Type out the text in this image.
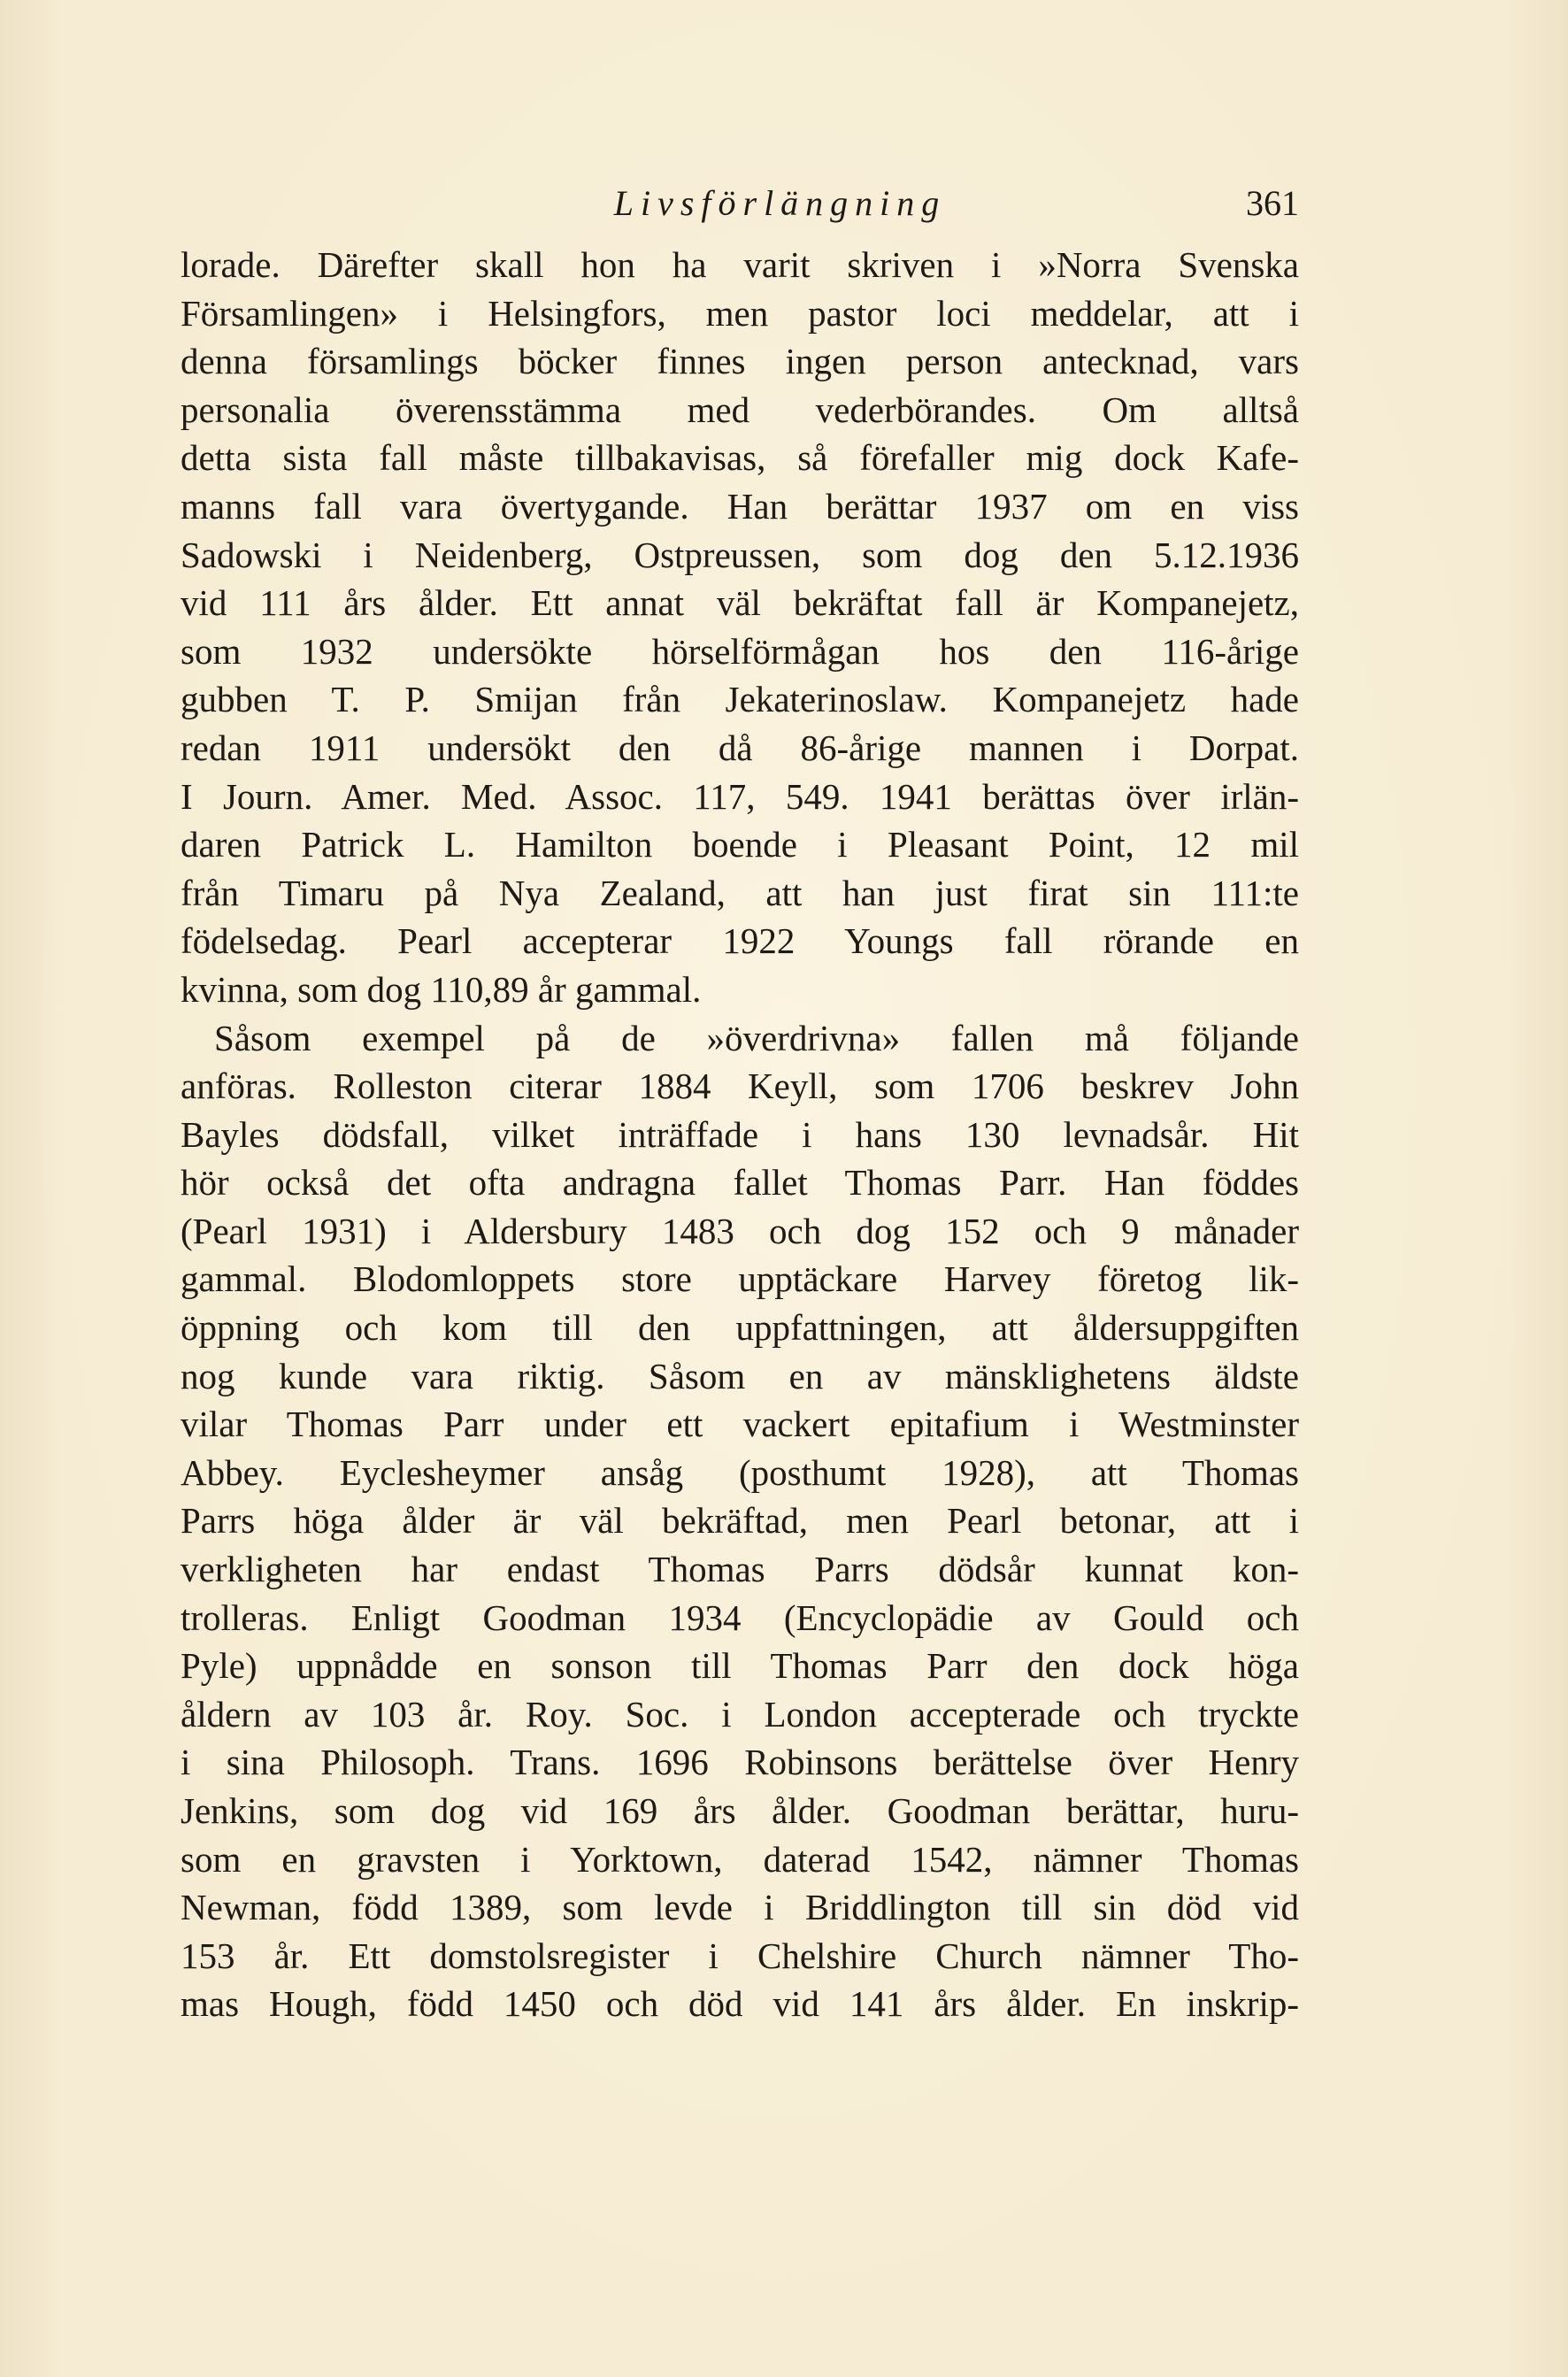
Livsförlängning	361
lorade. Därefter skall hon ha varit skriven i »Norra Svenska
Församlingen» i Helsingfors, men pastor loci meddelar, att i
denna församlings böcker finnes ingen person antecknad, vars
personalia överensstämma med vederbörandes. Om alltså
detta sista fall måste tillbakavisas, så förefaller mig dock Kafe-
manns fall vara övertygande. Han berättar 1937 om en viss
Sadowski i Neidenberg, Ostpreussen, som dog den 5.12.1936
vid 111 års ålder. Ett annat väl bekräftat fall är Kompanejetz,
som 1932 undersökte hörselförmågan hos den 116-årige
gubben T. P. Smijan från Jekaterinoslaw. Kompanejetz hade
redan 1911 undersökt den då 86-årige mannen i Dorpat.
I Journ. Amer. Med. Assoc. 117, 549. 1941 berättas över irlän-
daren Patrick L. Hamilton boende i Pleasant Point, 12 mil
från Timaru på Nya Zealand, att han just firat sin 111:te
födelsedag. Pearl accepterar 1922 Youngs fall rörande en
kvinna, som dog 110,89 år gammal.
Såsom exempel på de »överdrivna» fallen må följande
anföras. Rolleston citerar 1884 Keyll, som 1706 beskrev John
Bayles dödsfall, vilket inträffade i hans 130 levnadsår. Hit
hör också det ofta andragna fallet Thomas Parr. Han föddes
(Pearl 1931) i Aldersbury 1483 och dog 152 och 9 månader
gammal. Blodomloppets store upptäckare Harvey företog lik-
öppning och kom till den uppfattningen, att åldersuppgiften
nog kunde vara riktig. Såsom en av mänsklighetens äldste
vilar Thomas Parr under ett vackert epitafium i Westminster
Abbey. Eyclesheymer ansåg (posthumt 1928), att Thomas
Parrs höga ålder är väl bekräftad, men Pearl betonar, att i
verkligheten har endast Thomas Parrs dödsår kunnat kon-
trolleras. Enligt Goodman 1934 (Encyclopädie av Gould och
Pyle) uppnådde en sonson till Thomas Parr den dock höga
åldern av 103 år. Roy. Soc. i London accepterade och tryckte
i sina Philosoph. Trans. 1696 Robinsons berättelse över Henry
Jenkins, som dog vid 169 års ålder. Goodman berättar, huru-
som en gravsten i Yorktown, daterad 1542, nämner Thomas
Newman, född 1389, som levde i Briddlington till sin död vid
153 år. Ett domstolsregister i Chelshire Church nämner Tho-
mas Hough, född 1450 och död vid 141 års ålder. En inskrip-
